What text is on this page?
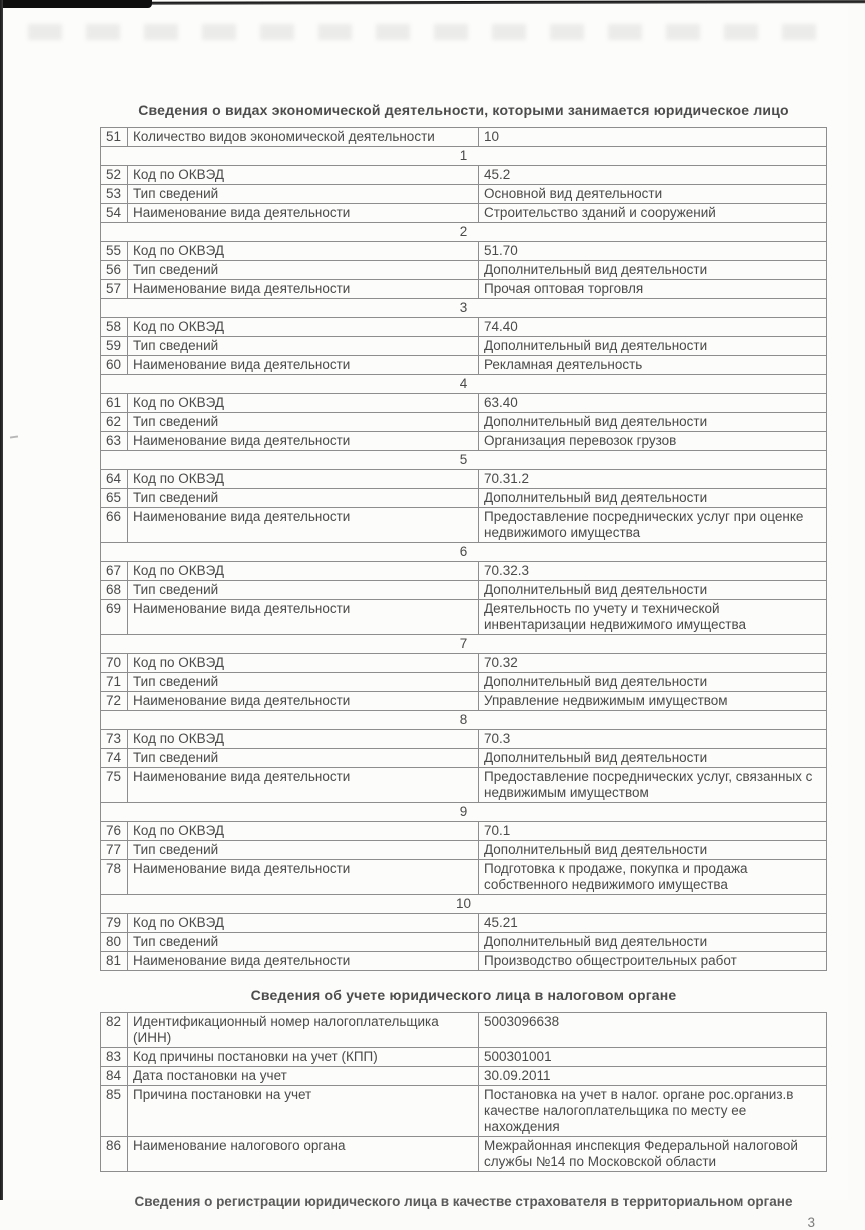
Сведения о видах экономической деятельности, которыми занимается юридическое лицо
51	Количество видов экономической деятельности	10
1		
52	Код по ОКВЭД	45.2
53	Тип сведений	Основной вид деятельности
54	Наименование вида деятельности	Строительство зданий и сооружений
2		
55	Код по ОКВЭД	51.70
56	Тип сведений	Дополнительный вид деятельности
57	Наименование вида деятельности	Прочая оптовая торговля
3		
58	Код по ОКВЭД	74.40
59	Тип сведений	Дополнительный вид деятельности
60	Наименование вида деятельности	Рекламная деятельность
4		
61	Код по ОКВЭД	63.40
62	Тип сведений	Дополнительный вид деятельности
63	Наименование вида деятельности	Организация перевозок грузов
5		
64	Код по ОКВЭД	70.31.2
65	Тип сведений	Дополнительный вид деятельности
66	Наименование вида деятельности	Предоставление посреднических услуг при оценке недвижимого имущества
6		
67	Код по ОКВЭД	70.32.3
68	Тип сведений	Дополнительный вид деятельности
69	Наименование вида деятельности	Деятельность по учету и технической инвентаризации недвижимого имущества
7		
70	Код по ОКВЭД	70.32
71	Тип сведений	Дополнительный вид деятельности
72	Наименование вида деятельности	Управление недвижимым имуществом
8		
73	Код по ОКВЭД	70.3
74	Тип сведений	Дополнительный вид деятельности
75	Наименование вида деятельности	Предоставление посреднических услуг, связанных с недвижимым имуществом
9		
76	Код по ОКВЭД	70.1
77	Тип сведений	Дополнительный вид деятельности
78	Наименование вида деятельности	Подготовка к продаже, покупка и продажа собственного недвижимого имущества
10		
79	Код по ОКВЭД	45.21
80	Тип сведений	Дополнительный вид деятельности
81	Наименование вида деятельности	Производство общестроительных работ
Сведения об учете юридического лица в налоговом органе
82	Идентификационный номер налогоплательщика (ИНН)	5003096638
83	Код причины постановки на учет (КПП)	500301001
84	Дата постановки на учет	30.09.2011
85	Причина постановки на учет	Постановка на учет в налог. органе рос.организ.в качестве налогоплательщика по месту ее нахождения
86	Наименование налогового органа	Межрайонная инспекция Федеральной налоговой службы №14 по Московской области
Сведения о регистрации юридического лица в качестве страхователя в территориальном органе
3
